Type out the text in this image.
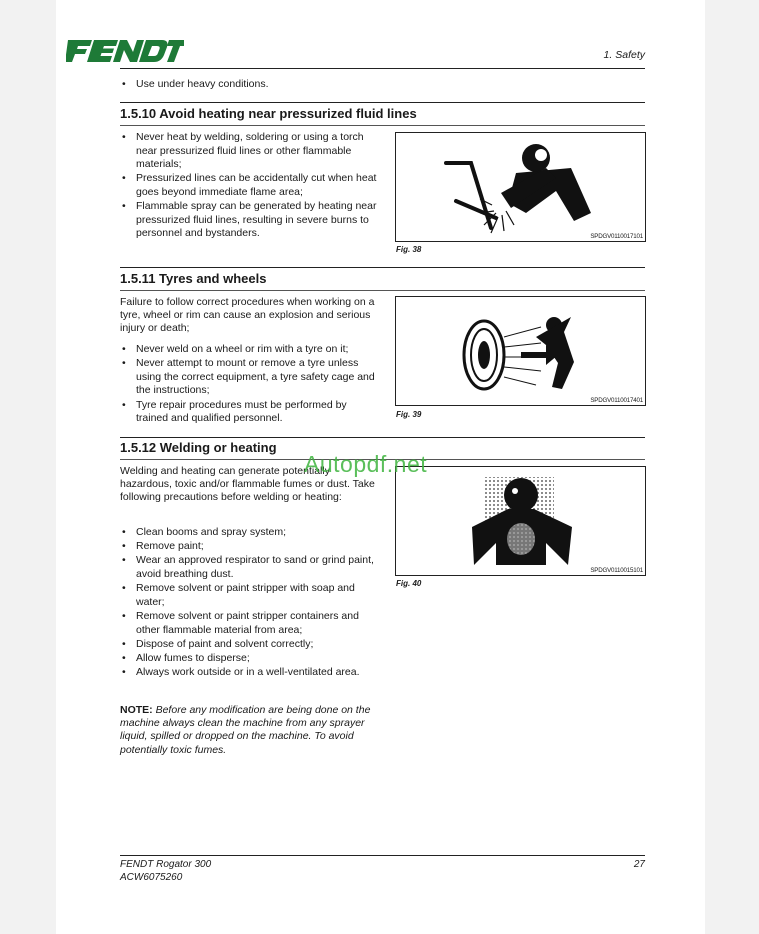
1. Safety
• Use under heavy conditions.
1.5.10 Avoid heating near pressurized fluid lines
• Never heat by welding, soldering or using a torch near pressurized fluid lines or other flammable materials;
• Pressurized lines can be accidentally cut when heat goes beyond immediate flame area;
• Flammable spray can be generated by heating near pressurized fluid lines, resulting in severe burns to personnel and bystanders.	SPDGV0110017101
Fig. 38
1.5.11 Tyres and wheels

Failure to follow correct procedures when working on a tyre, wheel or rim can cause an explosion and serious injury or death;

• Never weld on a wheel or rim with a tyre on it;
• Never attempt to mount or remove a tyre unless using the correct equipment, a tyre safety cage and the instructions;
• Tyre repair procedures must be performed by trained and qualified personnel.
SPDGV0110017401
Fig. 39
1.5.12 Welding or heating

Welding and heating can generate potentially hazardous, toxic and/or flammable fumes or dust. Take following precautions before welding or heating:

• Clean booms and spray system;
• Remove paint;
• Wear an approved respirator to sand or grind paint, avoid breathing dust.
• Remove solvent or paint stripper with soap and water;
• Remove solvent or paint stripper containers and other flammable material from area;
• Dispose of paint and solvent correctly;
• Allow fumes to disperse;
• Always work outside or in a well-ventilated area.
SPDGV0110015101
Fig. 40
NOTE: Before any modification are being done on the machine always clean the machine from any sprayer liquid, spilled or dropped on the machine. To avoid potentially toxic fumes.
FENDT Rogator 300
ACW6075260
27
Autopdf.net
